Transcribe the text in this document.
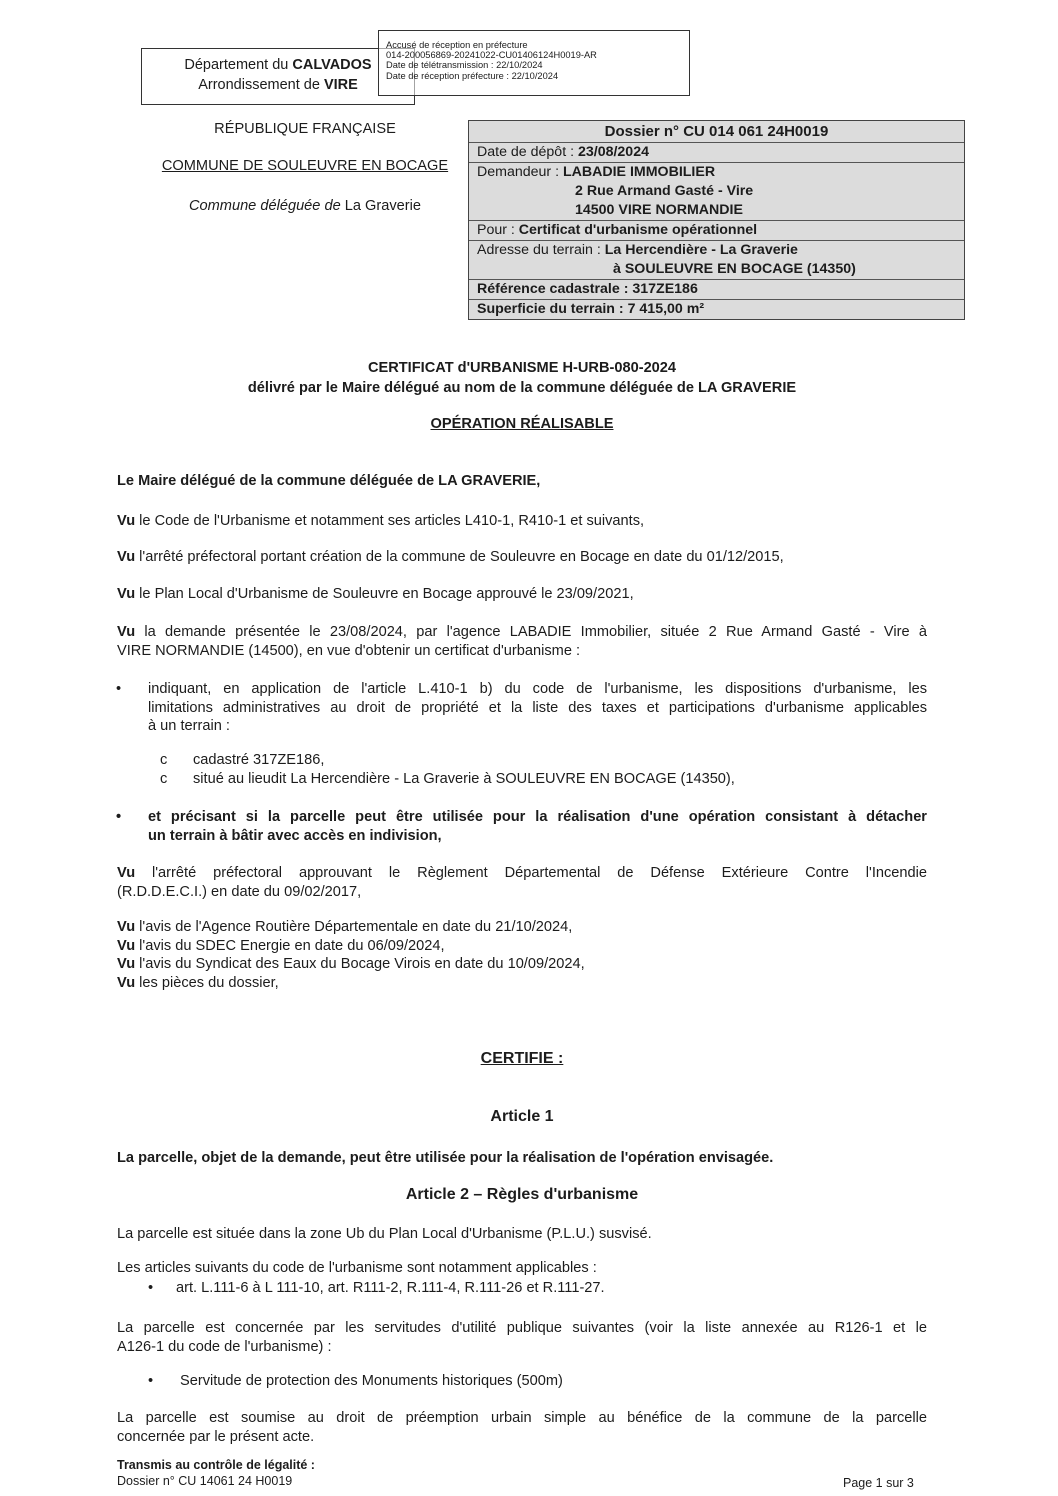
Département du CALVADOS
Arrondissement de VIRE
Accusé de réception en préfecture
014-200056869-20241022-CU01406124H0019-AR
Date de télétransmission : 22/10/2024
Date de réception préfecture : 22/10/2024
RÉPUBLIQUE FRANÇAISE
COMMUNE DE SOULEUVRE EN BOCAGE
Commune déléguée de La Graverie
Dossier n° CU 014 061 24H0019
Date de dépôt : 23/08/2024
Demandeur : LABADIE IMMOBILIER
2 Rue Armand Gasté - Vire
14500 VIRE NORMANDIE
Pour : Certificat d'urbanisme opérationnel
Adresse du terrain : La Hercendière - La Graverie
à SOULEUVRE EN BOCAGE (14350)
Référence cadastrale : 317ZE186
Superficie du terrain : 7 415,00 m²
CERTIFICAT d'URBANISME H-URB-080-2024
délivré par le Maire délégué au nom de la commune déléguée de LA GRAVERIE
OPÉRATION RÉALISABLE
Le Maire délégué de la commune déléguée de LA GRAVERIE,
Vu le Code de l'Urbanisme et notamment ses articles L410-1, R410-1 et suivants,
Vu l'arrêté préfectoral portant création de la commune de Souleuvre en Bocage en date du 01/12/2015,
Vu le Plan Local d'Urbanisme de Souleuvre en Bocage approuvé le 23/09/2021,
Vu la demande présentée le 23/08/2024, par l'agence LABADIE Immobilier, située 2 Rue Armand Gasté - Vire à
VIRE NORMANDIE (14500), en vue d'obtenir un certificat d'urbanisme :
• indiquant, en application de l'article L.410-1 b) du code de l'urbanisme, les dispositions d'urbanisme, les
limitations administratives au droit de propriété et la liste des taxes et participations d'urbanisme applicables
à un terrain :
c cadastré 317ZE186,
c situé au lieudit La Hercendière - La Graverie à SOULEUVRE EN BOCAGE (14350),
• et précisant si la parcelle peut être utilisée pour la réalisation d'une opération consistant à détacher
un terrain à bâtir avec accès en indivision,
Vu l'arrêté préfectoral approuvant le Règlement Départemental de Défense Extérieure Contre l'Incendie
(R.D.D.E.C.I.) en date du 09/02/2017,
Vu l'avis de l'Agence Routière Départementale en date du 21/10/2024,
Vu l'avis du SDEC Energie en date du 06/09/2024,
Vu l'avis du Syndicat des Eaux du Bocage Virois en date du 10/09/2024,
Vu les pièces du dossier,
CERTIFIE :
Article 1
La parcelle, objet de la demande, peut être utilisée pour la réalisation de l'opération envisagée.
Article 2 – Règles d'urbanisme
La parcelle est située dans la zone Ub du Plan Local d'Urbanisme (P.L.U.) susvisé.
Les articles suivants du code de l'urbanisme sont notamment applicables :
• art. L.111-6 à L 111-10, art. R111-2, R.111-4, R.111-26 et R.111-27.
La parcelle est concernée par les servitudes d'utilité publique suivantes (voir la liste annexée au R126-1 et le
A126-1 du code de l'urbanisme) :
• Servitude de protection des Monuments historiques (500m)
La parcelle est soumise au droit de préemption urbain simple au bénéfice de la commune de la parcelle
concernée par le présent acte.
Transmis au contrôle de légalité :
Dossier n° CU 14061 24 H0019	Page 1 sur 3
